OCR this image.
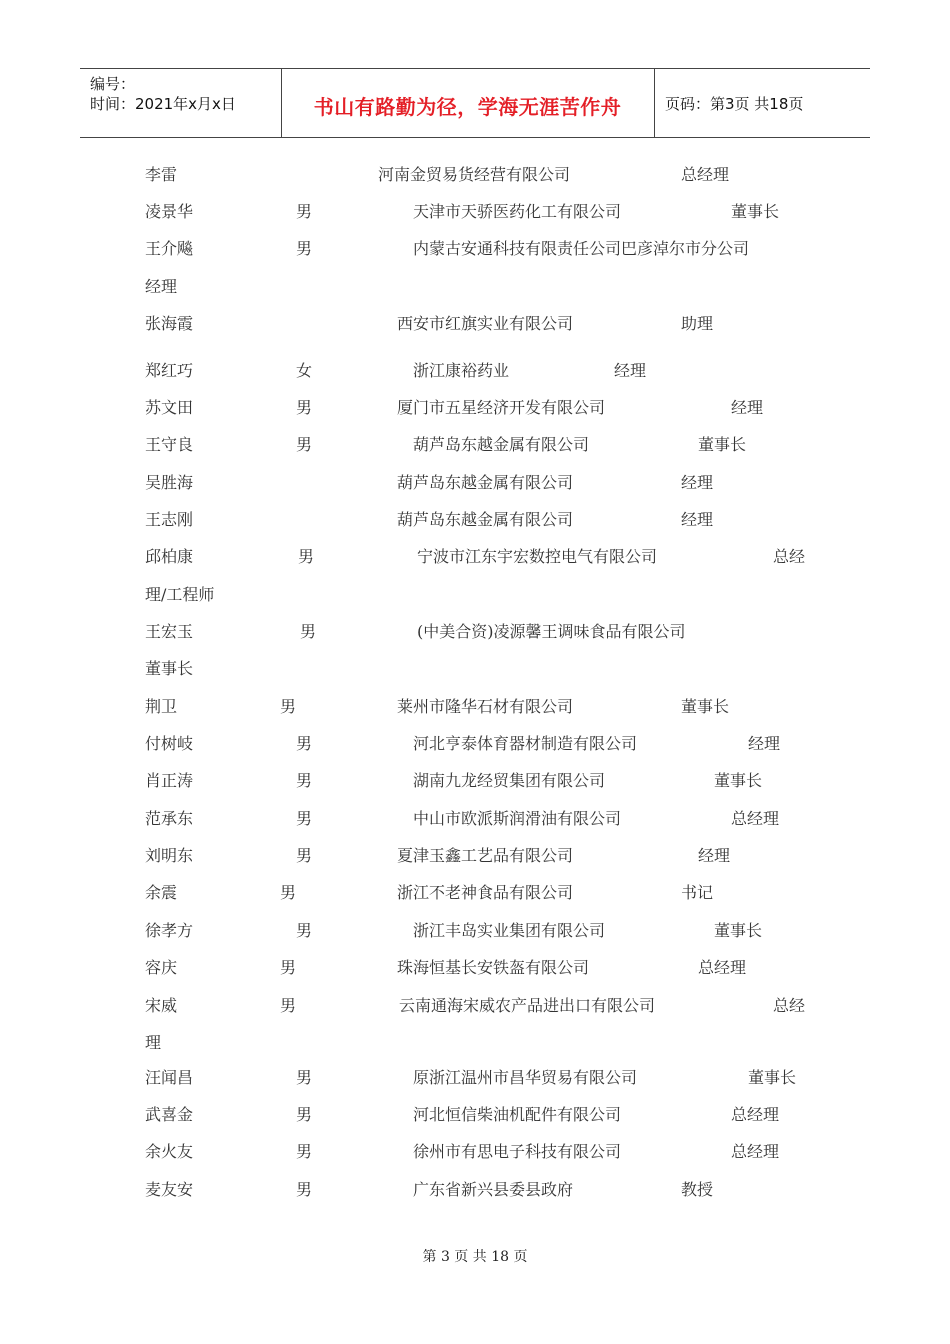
编号：
时间：2021年x月x日	书山有路勤为径，学海无涯苦作舟	页码：第3页 共18页
李雷	河南金贸易货经营有限公司	总经理
凌景华	男	天津市天骄医药化工有限公司	董事长
王介飚	男	内蒙古安通科技有限责任公司巴彦淖尔市分公司
经理
张海霞	西安市红旗实业有限公司	助理
郑红巧	女	浙江康裕药业	经理
苏文田	男	厦门市五星经济开发有限公司	经理
王守良	男	葫芦岛东越金属有限公司	董事长
吴胜海	葫芦岛东越金属有限公司	经理
王志刚	葫芦岛东越金属有限公司	经理
邱柏康	男	宁波市江东宇宏数控电气有限公司	总经
理/工程师
王宏玉	男	(中美合资)凌源馨王调味食品有限公司
董事长
荆卫	男	莱州市隆华石材有限公司	董事长
付树岐	男	河北亨泰体育器材制造有限公司	经理
肖正涛	男	湖南九龙经贸集团有限公司	董事长
范承东	男	中山市欧派斯润滑油有限公司	总经理
刘明东	男	夏津玉鑫工艺品有限公司	经理
余震	男	浙江不老神食品有限公司	书记
徐孝方	男	浙江丰岛实业集团有限公司	董事长
容庆	男	珠海恒基长安铁盔有限公司	总经理
宋威	男	云南通海宋威农产品进出口有限公司	总经
理
汪闻昌	男	原浙江温州市昌华贸易有限公司	董事长
武喜金	男	河北恒信柴油机配件有限公司	总经理
余火友	男	徐州市有思电子科技有限公司	总经理
麦友安	男	广东省新兴县委县政府	教授
第 3 页 共 18 页
